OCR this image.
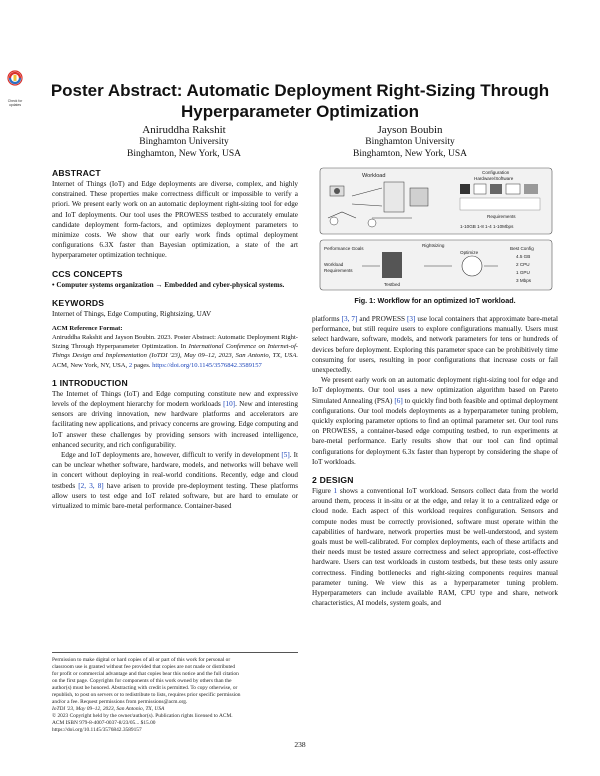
Check for updates
Poster Abstract: Automatic Deployment Right-Sizing Through
Hyperparameter Optimization
Aniruddha Rakshit
Binghamton University
Binghamton, New York, USA
Jayson Boubin
Binghamton University
Binghamton, New York, USA
ABSTRACT

Internet of Things (IoT) and Edge deployments are diverse, complex, and highly constrained. These properties make correctness difficult or impossible to verify a priori. We present early work on an automatic deployment right-sizing tool for edge and IoT deployments. Our tool uses the PROWESS testbed to accurately emulate candidate deployment form-factors, and optimizes deployment parameters to minimize costs. We show that our early work finds optimal deployment configurations 6.3X faster than Bayesian optimization, a state of the art hyperparameter optimization technique.

CCS CONCEPTS

• Computer systems organization → Embedded and cyber-physical systems.

KEYWORDS

Internet of Things, Edge Computing, Rightsizing, UAV

ACM Reference Format:

Aniruddha Rakshit and Jayson Boubin. 2023. Poster Abstract: Automatic Deployment Right-Sizing Through Hyperparameter Optimization. In International Conference on Internet-of-Things Design and Implementation (IoTDI '23), May 09–12, 2023, San Antonio, TX, USA. ACM, New York, NY, USA, 2 pages. https://doi.org/10.1145/3576842.3589157

1 INTRODUCTION

The Internet of Things (IoT) and Edge computing constitute new and expressive levels of the deployment hierarchy for modern workloads [10]. New and interesting sensors are driving innovation, new hardware platforms and accelerators are facilitating new applications, and privacy concerns are growing. Edge computing and IoT answer these challenges by providing sensors with increased intelligence, enhanced security, and rich configurability.

Edge and IoT deployments are, however, difficult to verify in development [5]. It can be unclear whether software, hardware, models, and networks will behave well in concert without deploying in real-world conditions. Recently, edge and cloud testbeds [2, 3, 8] have arisen to provide pre-deployment testing. These platforms allow users to test edge and IoT related software, but are hard to emulate or virtualized to mimic bare-metal performance. Container-based

Permission to make digital or hard copies of all or part of this work for personal or
classroom use is granted without fee provided that copies are not made or distributed
for profit or commercial advantage and that copies bear this notice and the full citation
on the first page. Copyrights for components of this work owned by others than the
author(s) must be honored. Abstracting with credit is permitted. To copy otherwise, or
republish, to post on servers or to redistribute to lists, requires prior specific permission
and/or a fee. Request permissions from permissions@acm.org.
IoTDI '23, May 09–12, 2023, San Antonio, TX, USA
© 2023 Copyright held by the owner/author(s). Publication rights licensed to ACM.
ACM ISBN 979-8-4007-0037-8/23/05... $15.00
https://doi.org/10.1145/3576842.3589157
Workload
Configuration
Hardware/Software
Requirements
1-10GB 1-8 1-4 1-10Mbps
Rightsizing
Performance Goals
Workload
Requirements
Testbed
Optimize
Best Config
4.5 GB
2 CPU
1 GPU
3 Mbps
Fig. 1: Workflow for an optimized IoT workload.

platforms [3, 7] and PROWESS [3] use local containers that approximate bare-metal performance, but still require users to explore configurations manually. Users must select hardware, software, models, and network parameters for tens or hundreds of devices before deployment. Exploring this parameter space can be prohibitively time consuming for users, resulting in poor configurations that increase costs or fail unexpectedly.

We present early work on an automatic deployment right-sizing tool for edge and IoT deployments. Our tool uses a new optimization algorithm based on Pareto Simulated Annealing (PSA) [6] to quickly find both feasible and optimal deployment configurations. Our tool models deployments as a hyperparameter tuning problem, quickly exploring parameter options to find an optimal parameter set. Our tool runs on PROWESS, a container-based edge computing testbed, to run experiments at bare-metal performance. Early results show that our tool can find optimal configurations for deployment 6.3x faster than hyperopt by considering the shape of IoT workloads.

2 DESIGN

Figure 1 shows a conventional IoT workload. Sensors collect data from the world around them, process it in-situ or at the edge, and relay it to a centralized edge or cloud node. Each aspect of this workload requires configuration. Sensors and compute nodes must be correctly provisioned, software must operate within the capabilities of hardware, network properties must be well-understood, and system goals must be well-calibrated. For complex deployments, each of these artifacts and their needs must be tested assure correctness and select appropriate, cost-effective hardware. Users can test workloads in custom testbeds, but these tests only assure correctness. Finding bottlenecks and right-sizing components requires manual parameter tuning. We view this as a hyperparameter tuning problem. Hyperparameters can include available RAM, CPU type and share, network characteristics, AI models, system goals, and

238
